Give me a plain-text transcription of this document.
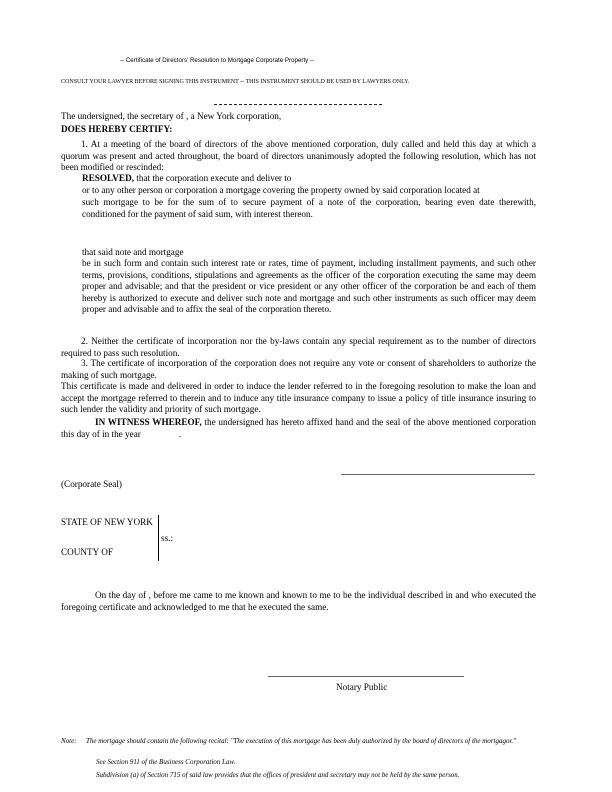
-- Certificate of Directors' Resolution to Mortgage Corporate Property --
CONSULT YOUR LAWYER BEFORE SIGNING THIS INSTRUMENT -- THIS INSTRUMENT SHOULD BE USED BY LAWYERS ONLY.
The undersigned, the secretary of , a New York corporation,
DOES HEREBY CERTIFY:
1. At a meeting of the board of directors of the above mentioned corporation, duly called and held this day at which a quorum was present and acted throughout, the board of directors unanimously adopted the following resolution, which has not been modified or rescinded:
RESOLVED, that the corporation execute and deliver to
or to any other person or corporation a mortgage covering the property owned by said corporation located at
such mortgage to be for the sum of to secure payment of a note of the corporation, bearing even date therewith, conditioned for the payment of said sum, with interest thereon.
that said note and mortgage
be in such form and contain such interest rate or rates, time of payment, including installment payments, and such other terms, provisions, conditions, stipulations and agreements as the officer of the corporation executing the same may deem proper and advisable; and that the president or vice president or any other officer of the corporation be and each of them hereby is authorized to execute and deliver such note and mortgage and such other instruments as such officer may deem proper and advisable and to affix the seal of the corporation thereto.
2. Neither the certificate of incorporation nor the by-laws contain any special requirement as to the number of directors required to pass such resolution.
3. The certificate of incorporation of the corporation does not require any vote or consent of shareholders to authorize the making of such mortgage.
This certificate is made and delivered in order to induce the lender referred to in the foregoing resolution to make the loan and accept the mortgage referred to therein and to induce any title insurance company to issue a policy of title insurance insuring to such lender the validity and priority of such mortgage.
IN WITNESS WHEREOF, the undersigned has hereto affixed hand and the seal of the above mentioned corporation this day of in the year	.
(Corporate Seal)
STATE OF NEW YORK
ss.:
COUNTY OF
On the day of , before me came to me known and known to me to be the individual described in and who executed the foregoing certificate and acknowledged to me that he executed the same.
Notary Public
Note: The mortgage should contain the following recital: "The execution of this mortgage has been duly authorized by the board of directors of the mortgagor."
See Section 911 of the Business Corporation Law.
Subdivision (a) of Section 715 of said law provides that the offices of president and secretary may not be held by the same person.
